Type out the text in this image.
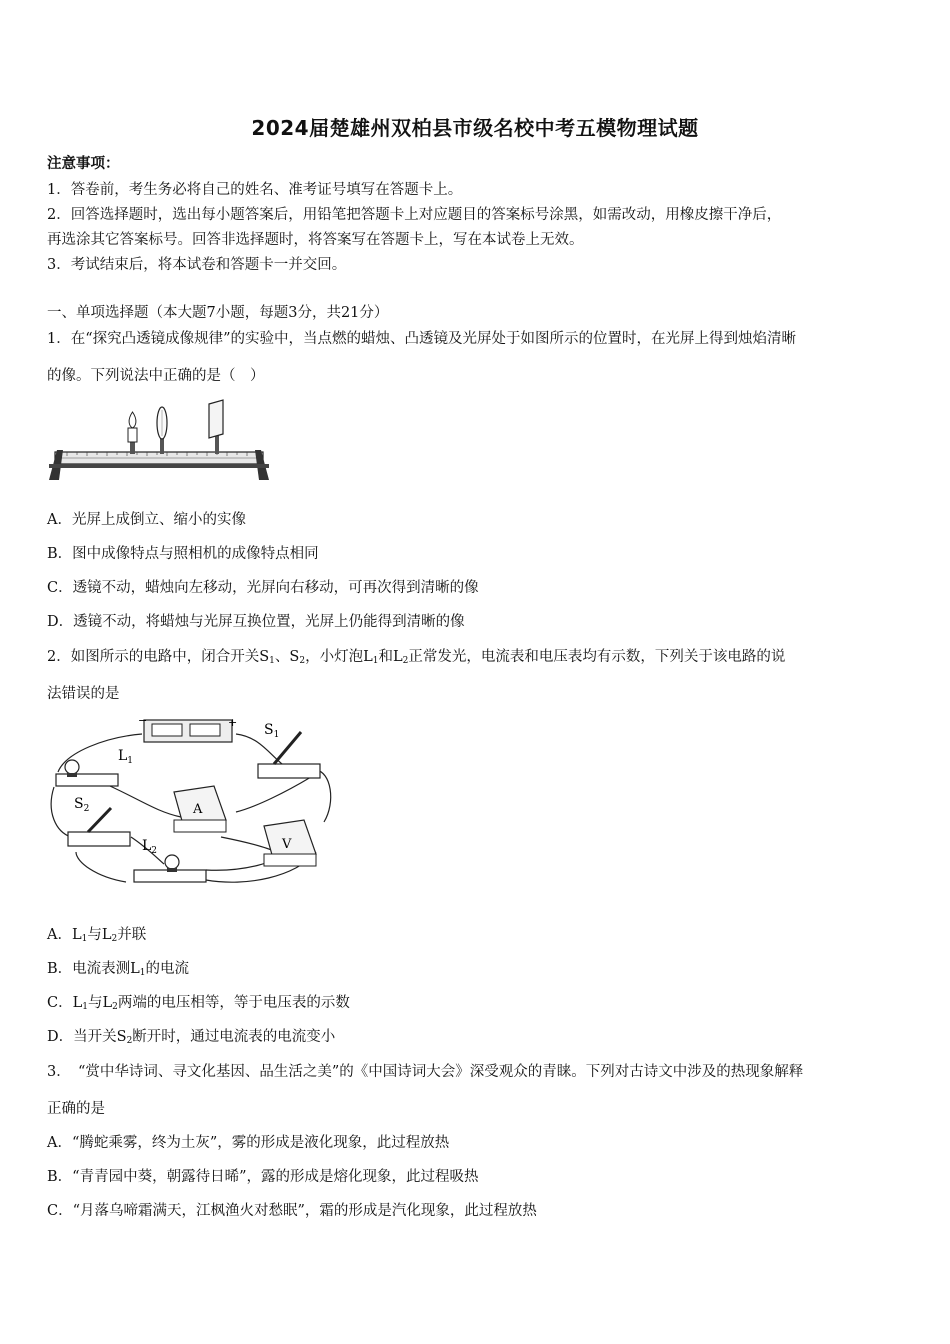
2024届楚雄州双柏县市级名校中考五模物理试题
注意事项：
1．答卷前，考生务必将自己的姓名、准考证号填写在答题卡上。
2．回答选择题时，选出每小题答案后，用铅笔把答题卡上对应题目的答案标号涂黑，如需改动，用橡皮擦干净后，
再选涂其它答案标号。回答非选择题时，将答案写在答题卡上，写在本试卷上无效。
3．考试结束后，将本试卷和答题卡一并交回。
一、单项选择题（本大题7小题，每题3分，共21分）
1．在“探究凸透镜成像规律”的实验中，当点燃的蜡烛、凸透镜及光屏处于如图所示的位置时，在光屏上得到烛焰清晰
的像。下列说法中正确的是（　）
A．光屏上成倒立、缩小的实像
B．图中成像特点与照相机的成像特点相同
C．透镜不动，蜡烛向左移动，光屏向右移动，可再次得到清晰的像
D．透镜不动，将蜡烛与光屏互换位置，光屏上仍能得到清晰的像
2．如图所示的电路中，闭合开关$S_1$、$S_2$，小灯泡$L_1$和$L_2$正常发光，电流表和电压表均有示数，下列关于该电路的说
法错误的是
−	+ $S_1$
$L_1$
$S_2$	A
$L_2$	V
A．$L_1$与$L_2$并联
B．电流表测$L_1$的电流
C．$L_1$与$L_2$两端的电压相等，等于电压表的示数
D．当开关$S_2$断开时，通过电流表的电流变小
3．　“赏中华诗词、寻文化基因、品生活之美”的《中国诗词大会》深受观众的青睐。下列对古诗文中涉及的热现象解释
正确的是
A．“腾蛇乘雾，终为土灰”，雾的形成是液化现象，此过程放热
B．“青青园中葵，朝露待日晞”，露的形成是熔化现象，此过程吸热
C．“月落乌啼霜满天，江枫渔火对愁眠”，霜的形成是汽化现象，此过程放热
